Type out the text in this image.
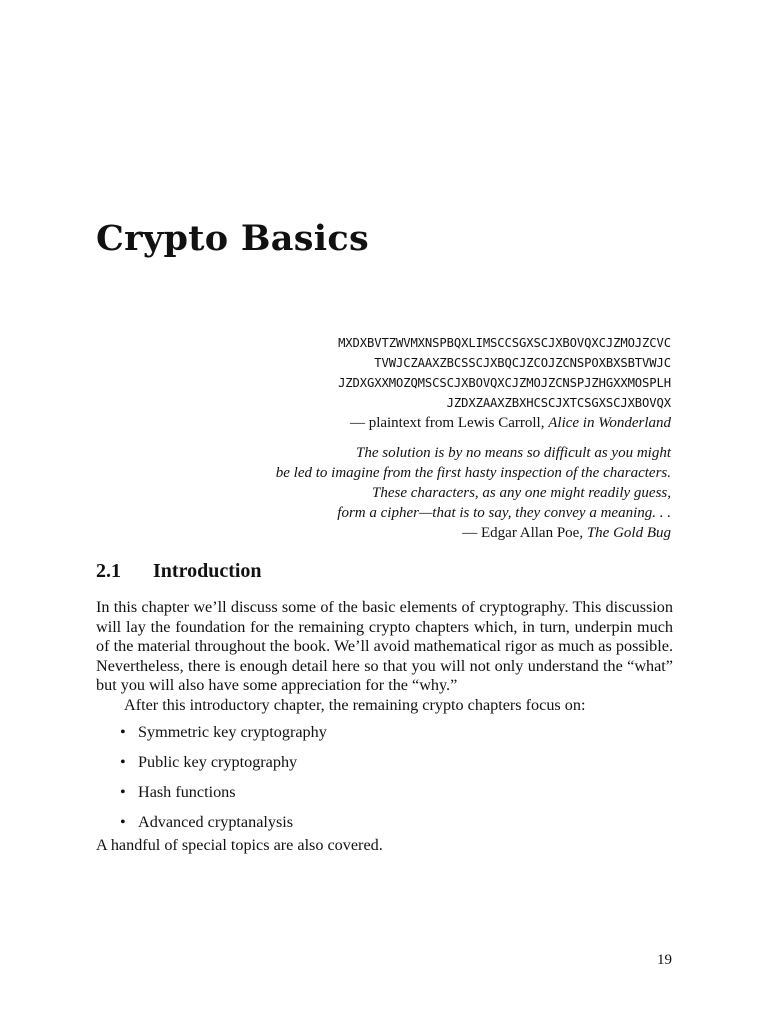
Crypto Basics
MXDXBVTZWVMXNSPBQXLIMSCCSGXSCJXBOVQXCJZMOJZCVC
TVWJCZAAXZBCSSCJXBQCJZCOJZCNSPOXBXSBTVWJC
JZDXGXXMOZQMSCSCJXBOVQXCJZMOJZCNSPJZHGXXMOSPLH
JZDXZAAXZBXHCSCJXTCSGXSCJXBOVQX
— plaintext from Lewis Carroll, Alice in Wonderland
The solution is by no means so difficult as you might
be led to imagine from the first hasty inspection of the characters.
These characters, as any one might readily guess,
form a cipher—that is to say, they convey a meaning. . .
— Edgar Allan Poe, The Gold Bug
2.1 Introduction

In this chapter we’ll discuss some of the basic elements of cryptography. This discussion will lay the foundation for the remaining crypto chapters which, in turn, underpin much of the material throughout the book. We’ll avoid mathematical rigor as much as possible. Nevertheless, there is enough detail here so that you will not only understand the “what” but you will also have some appreciation for the “why.”

After this introductory chapter, the remaining crypto chapters focus on:

• Symmetric key cryptography
• Public key cryptography
• Hash functions
• Advanced cryptanalysis

A handful of special topics are also covered.

19
